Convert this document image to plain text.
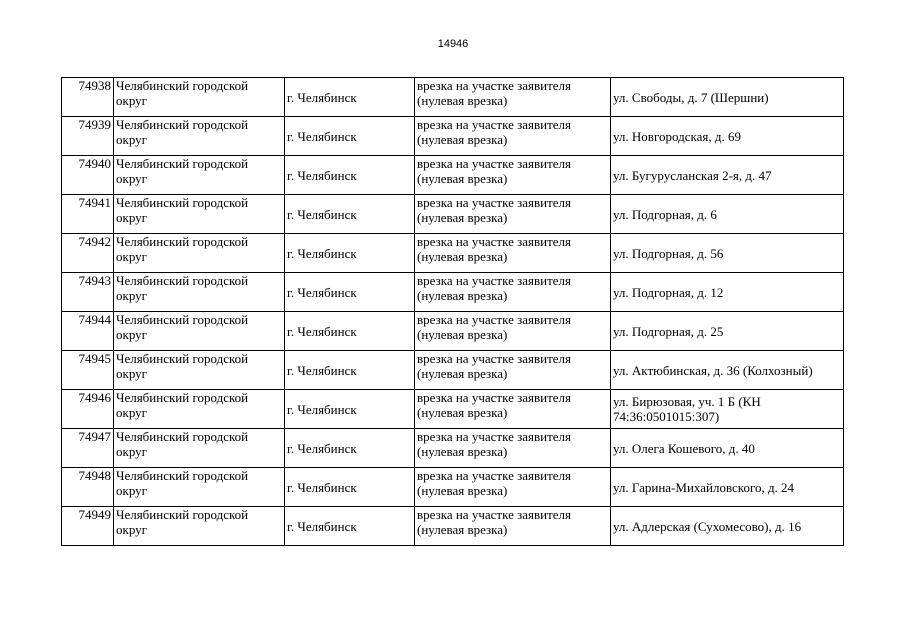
14946
74938	Челябинский городской округ	г. Челябинск	врезка на участке заявителя (нулевая врезка)	ул. Свободы, д. 7 (Шершни)
74939	Челябинский городской округ	г. Челябинск	врезка на участке заявителя (нулевая врезка)	ул. Новгородская, д. 69
74940	Челябинский городской округ	г. Челябинск	врезка на участке заявителя (нулевая врезка)	ул. Бугурусланская 2-я, д. 47
74941	Челябинский городской округ	г. Челябинск	врезка на участке заявителя (нулевая врезка)	ул. Подгорная, д. 6
74942	Челябинский городской округ	г. Челябинск	врезка на участке заявителя (нулевая врезка)	ул. Подгорная, д. 56
74943	Челябинский городской округ	г. Челябинск	врезка на участке заявителя (нулевая врезка)	ул. Подгорная, д. 12
74944	Челябинский городской округ	г. Челябинск	врезка на участке заявителя (нулевая врезка)	ул. Подгорная, д. 25
74945	Челябинский городской округ	г. Челябинск	врезка на участке заявителя (нулевая врезка)	ул. Актюбинская, д. 36 (Колхозный)
74946	Челябинский городской округ	г. Челябинск	врезка на участке заявителя (нулевая врезка)	ул. Бирюзовая, уч. 1 Б (КН 74:36:0501015:307)
74947	Челябинский городской округ	г. Челябинск	врезка на участке заявителя (нулевая врезка)	ул. Олега Кошевого, д. 40
74948	Челябинский городской округ	г. Челябинск	врезка на участке заявителя (нулевая врезка)	ул. Гарина-Михайловского, д. 24
74949	Челябинский городской округ	г. Челябинск	врезка на участке заявителя (нулевая врезка)	ул. Адлерская (Сухомесово), д. 16
